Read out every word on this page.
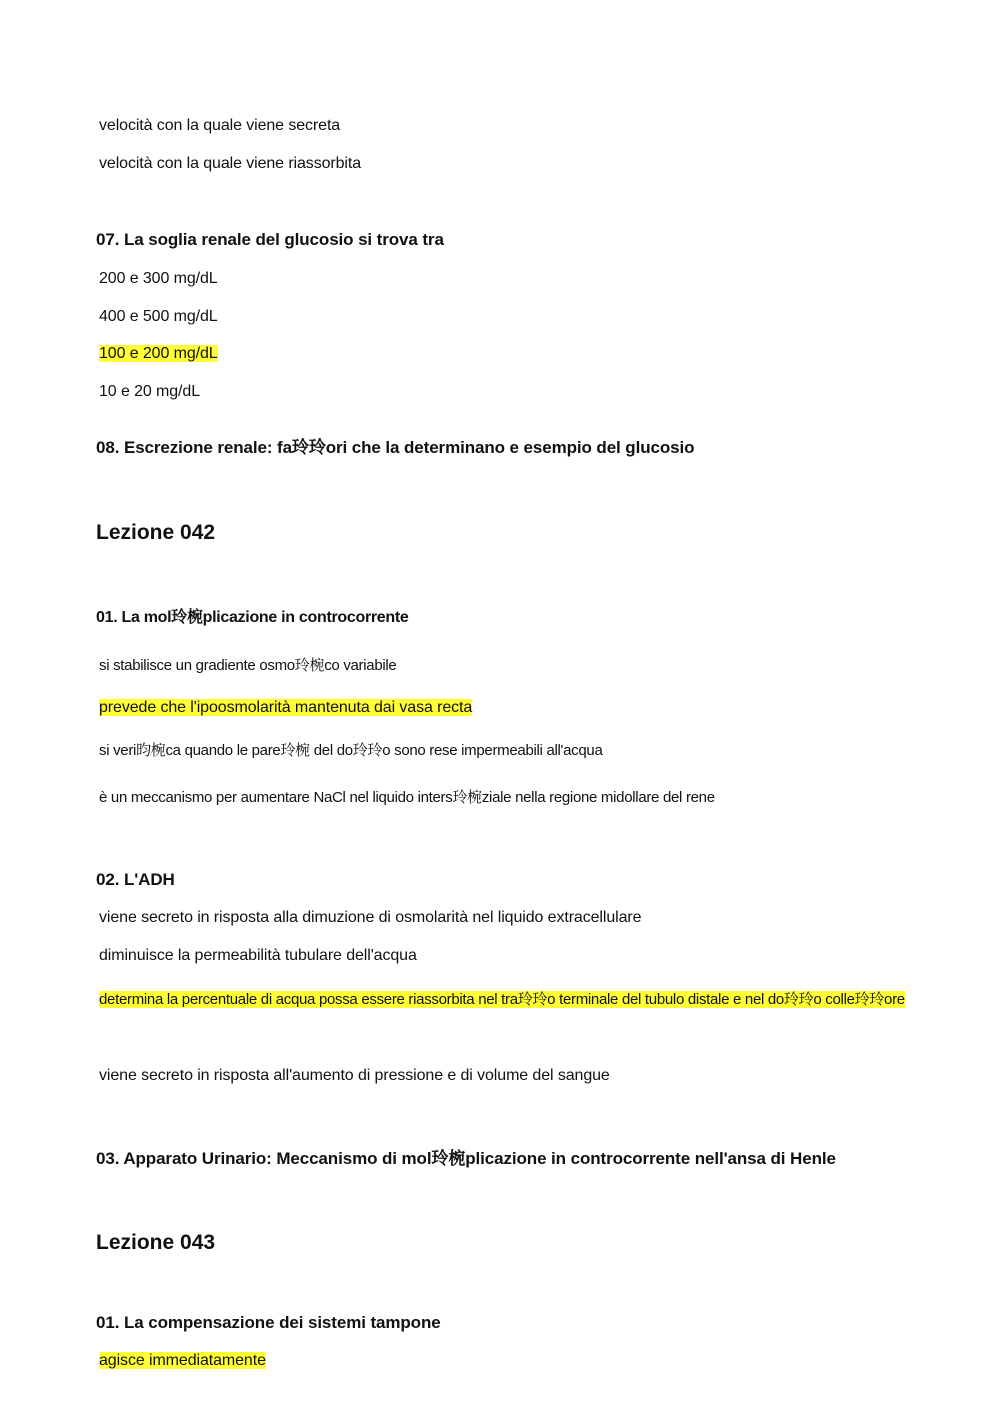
velocità con la quale viene secreta
velocità con la quale viene riassorbita
07. La soglia renale del glucosio si trova tra
200 e 300 mg/dL
400 e 500 mg/dL
100 e 200 mg/dL
10 e 20 mg/dL
08. Escrezione renale: fa玲玲ori che la determinano e esempio del glucosio
Lezione 042
01. La mol玲椀plicazione in controcorrente
si stabilisce un gradiente osmo玲椀co variabile
prevede che l'ipoosmolarità mantenuta dai vasa recta
si veri昀椀ca quando le pare玲椀 del do玲玲o sono rese impermeabili all'acqua
è un meccanismo per aumentare NaCl nel liquido inters玲椀ziale nella regione midollare del rene
02. L'ADH
viene secreto in risposta alla dimuzione di osmolarità nel liquido extracellulare
diminuisce la permeabilità tubulare dell'acqua
determina la percentuale di acqua possa essere riassorbita nel tra玲玲o terminale del tubulo distale e nel do玲玲o colle玲玲ore
viene secreto in risposta all'aumento di pressione e di volume del sangue
03. Apparato Urinario: Meccanismo di mol玲椀plicazione in controcorrente nell'ansa di Henle
Lezione 043
01. La compensazione dei sistemi tampone
agisce immediatamente
